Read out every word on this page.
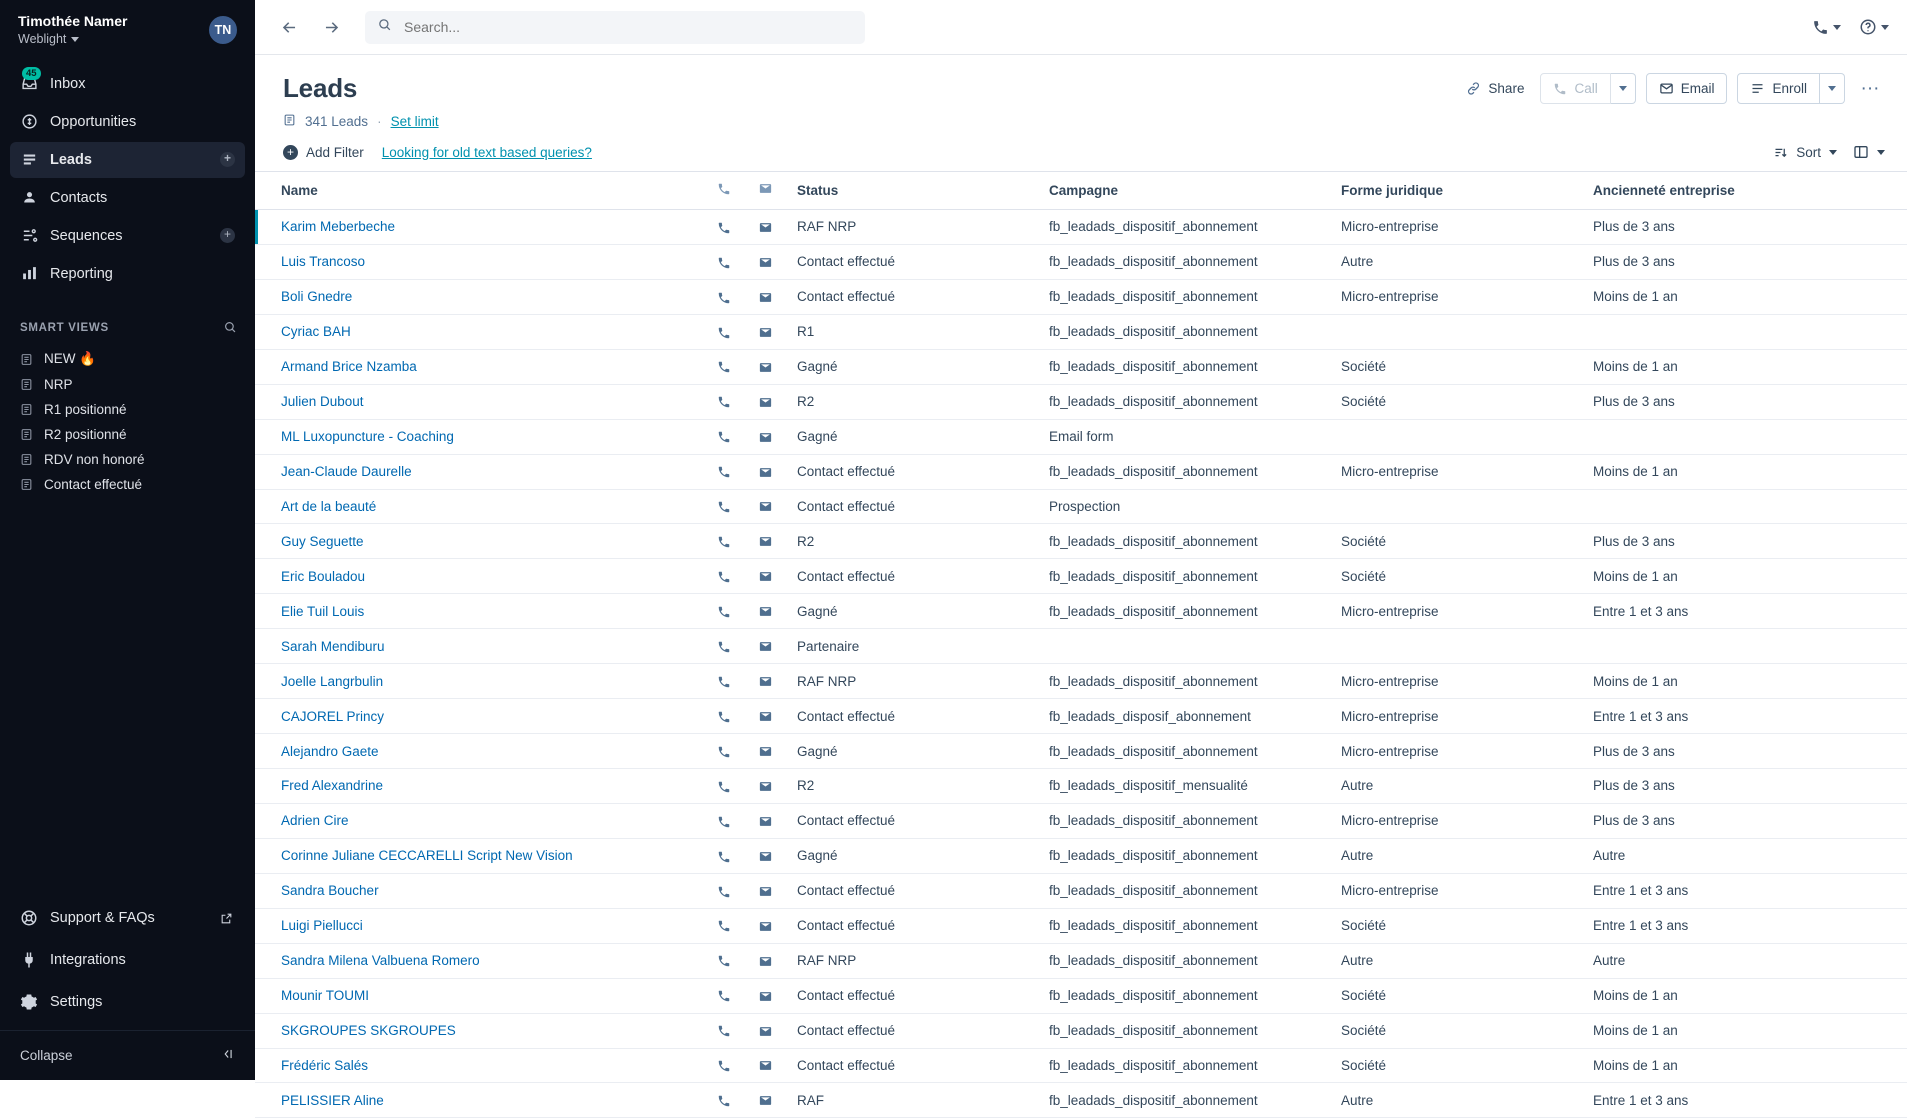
Timothée Namer
Weblight
TN
45
Inbox
Opportunities
Leads	+
Contacts
Sequences	+
Reporting
SMART VIEWS
NEW 🔥
NRP
R1 positionné
R2 positionné
RDV non honoré
Contact effectué
Support & FAQs
Integrations
Settings
Collapse
Search...
Leads
341 Leads · Set limit
Share	Call	Email	Enroll	···
+ Add Filter Looking for old text based queries?	Sort
Name			Status	Campagne	Forme juridique	Ancienneté entreprise
Karim Meberbeche			RAF NRP	fb_leadads_dispositif_abonnement	Micro-entreprise	Plus de 3 ans
Luis Trancoso			Contact effectué	fb_leadads_dispositif_abonnement	Autre	Plus de 3 ans
Boli Gnedre			Contact effectué	fb_leadads_dispositif_abonnement	Micro-entreprise	Moins de 1 an
Cyriac BAH			R1	fb_leadads_dispositif_abonnement		
Armand Brice Nzamba			Gagné	fb_leadads_dispositif_abonnement	Société	Moins de 1 an
Julien Dubout			R2	fb_leadads_dispositif_abonnement	Société	Plus de 3 ans
ML Luxopuncture - Coaching			Gagné	Email form		
Jean-Claude Daurelle			Contact effectué	fb_leadads_dispositif_abonnement	Micro-entreprise	Moins de 1 an
Art de la beauté			Contact effectué	Prospection		
Guy Seguette			R2	fb_leadads_dispositif_abonnement	Société	Plus de 3 ans
Eric Bouladou			Contact effectué	fb_leadads_dispositif_abonnement	Société	Moins de 1 an
Elie Tuil Louis			Gagné	fb_leadads_dispositif_abonnement	Micro-entreprise	Entre 1 et 3 ans
Sarah Mendiburu			Partenaire			
Joelle Langrbulin			RAF NRP	fb_leadads_dispositif_abonnement	Micro-entreprise	Moins de 1 an
CAJOREL Princy			Contact effectué	fb_leadads_disposif_abonnement	Micro-entreprise	Entre 1 et 3 ans
Alejandro Gaete			Gagné	fb_leadads_dispositif_abonnement	Micro-entreprise	Plus de 3 ans
Fred Alexandrine			R2	fb_leadads_dispositif_mensualité	Autre	Plus de 3 ans
Adrien Cire			Contact effectué	fb_leadads_dispositif_abonnement	Micro-entreprise	Plus de 3 ans
Corinne Juliane CECCARELLI Script New Vision			Gagné	fb_leadads_dispositif_abonnement	Autre	Autre
Sandra Boucher			Contact effectué	fb_leadads_dispositif_abonnement	Micro-entreprise	Entre 1 et 3 ans
Luigi Piellucci			Contact effectué	fb_leadads_dispositif_abonnement	Société	Entre 1 et 3 ans
Sandra Milena Valbuena Romero			RAF NRP	fb_leadads_dispositif_abonnement	Autre	Autre
Mounir TOUMI			Contact effectué	fb_leadads_dispositif_abonnement	Société	Moins de 1 an
SKGROUPES SKGROUPES			Contact effectué	fb_leadads_dispositif_abonnement	Société	Moins de 1 an
Frédéric Salés			Contact effectué	fb_leadads_dispositif_abonnement	Société	Moins de 1 an
PELISSIER Aline			RAF	fb_leadads_dispositif_abonnement	Autre	Entre 1 et 3 ans
